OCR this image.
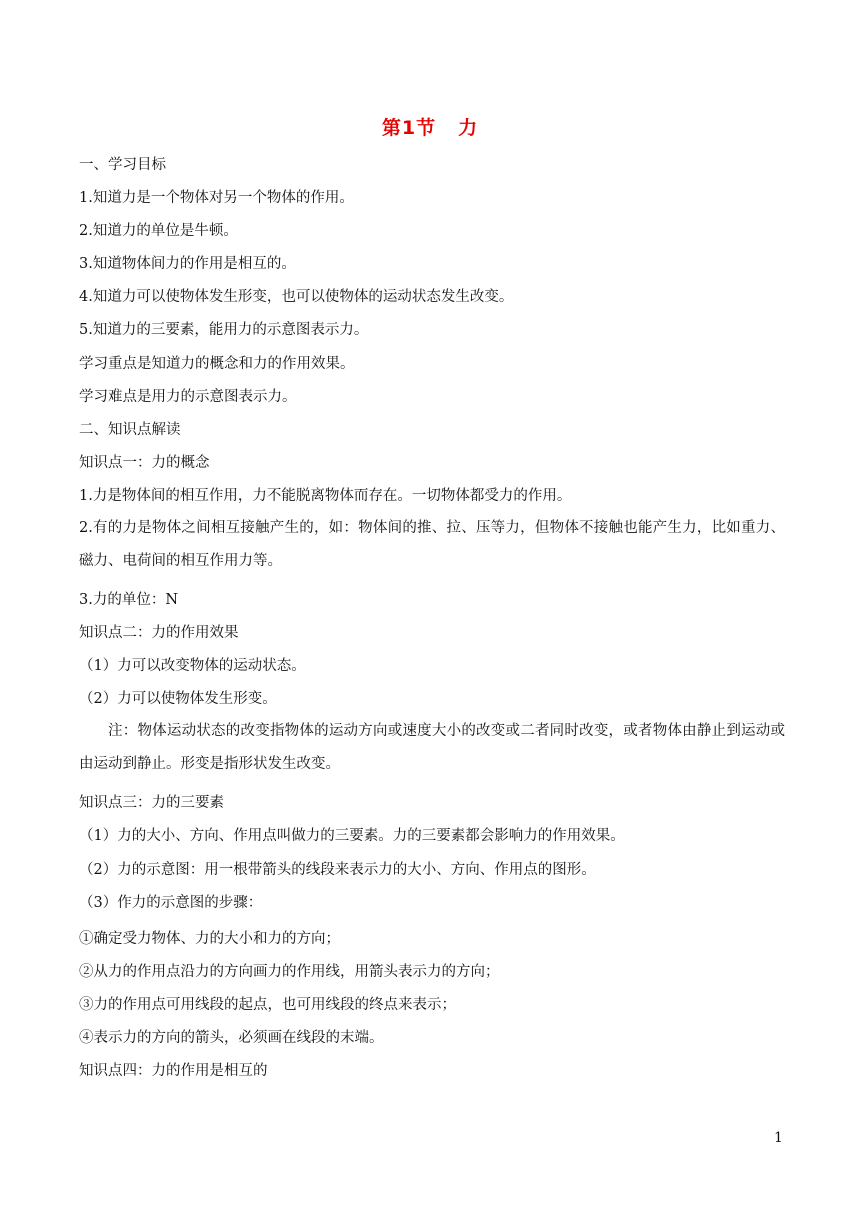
第1节 力
一、学习目标
1.知道力是一个物体对另一个物体的作用。
2.知道力的单位是牛顿。
3.知道物体间力的作用是相互的。
4.知道力可以使物体发生形变，也可以使物体的运动状态发生改变。
5.知道力的三要素，能用力的示意图表示力。
学习重点是知道力的概念和力的作用效果。
学习难点是用力的示意图表示力。
二、知识点解读
知识点一：力的概念
1.力是物体间的相互作用，力不能脱离物体而存在。一切物体都受力的作用。
2.有的力是物体之间相互接触产生的，如：物体间的推、拉、压等力，但物体不接触也能产生力，比如重力、磁力、电荷间的相互作用力等。
3.力的单位：N
知识点二：力的作用效果
（1）力可以改变物体的运动状态。
（2）力可以使物体发生形变。
注：物体运动状态的改变指物体的运动方向或速度大小的改变或二者同时改变，或者物体由静止到运动或由运动到静止。形变是指形状发生改变。
知识点三：力的三要素
（1）力的大小、方向、作用点叫做力的三要素。力的三要素都会影响力的作用效果。
（2）力的示意图：用一根带箭头的线段来表示力的大小、方向、作用点的图形。
（3）作力的示意图的步骤：
①确定受力物体、力的大小和力的方向；
②从力的作用点沿力的方向画力的作用线，用箭头表示力的方向；
③力的作用点可用线段的起点，也可用线段的终点来表示；
④表示力的方向的箭头，必须画在线段的末端。
知识点四：力的作用是相互的
1
